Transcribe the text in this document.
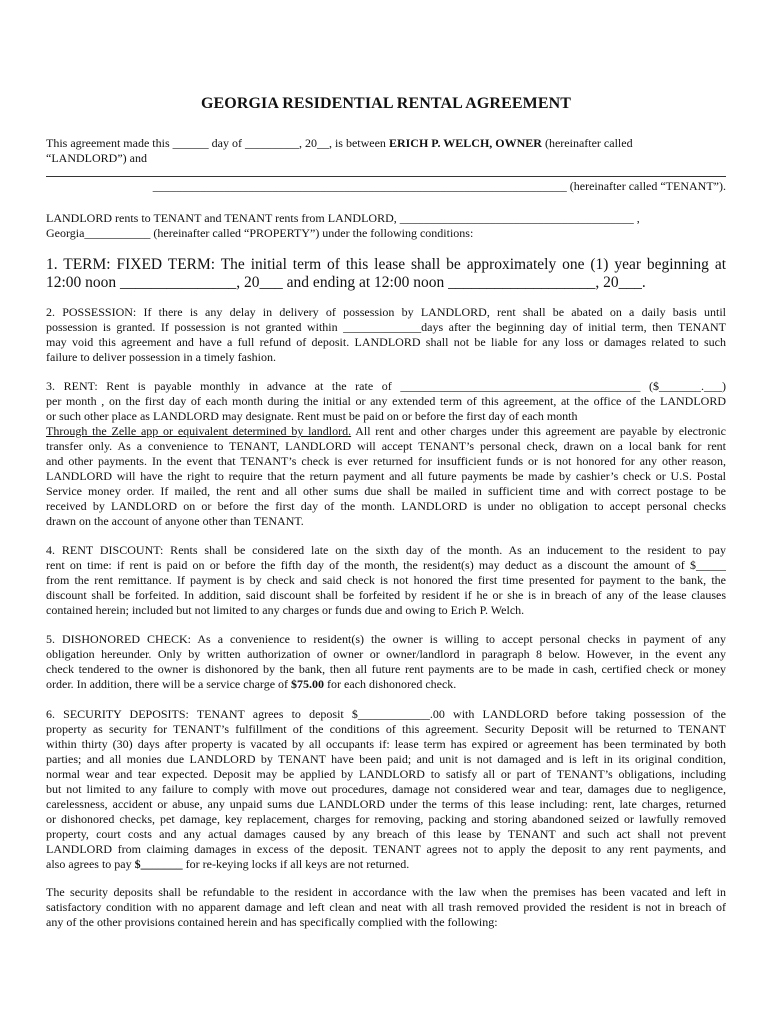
GEORGIA RESIDENTIAL RENTAL AGREEMENT
This agreement made this ______ day of _________, 20__, is between ERICH P. WELCH, OWNER (hereinafter called
“LANDLORD”) and
_____________________________________________________________________ (hereinafter called “TENANT”).
LANDLORD rents to TENANT and TENANT rents from LANDLORD, _______________________________________ ,
Georgia___________ (hereinafter called “PROPERTY”) under the following conditions:
1. TERM: FIXED TERM: The initial term of this lease shall be approximately one (1) year beginning at
12:00 noon _______________, 20___ and ending at 12:00 noon ___________________, 20___.
2. POSSESSION: If there is any delay in delivery of possession by LANDLORD, rent shall be abated on a daily basis until
possession is granted. If possession is not granted within _____________days after the beginning day of initial term, then TENANT
may void this agreement and have a full refund of deposit. LANDLORD shall not be liable for any loss or damages related to such
failure to deliver possession in a timely fashion.
3. RENT: Rent is payable monthly in advance at the rate of ________________________________________ ($_______.___)
per month , on the first day of each month during the initial or any extended term of this agreement, at the office of the LANDLORD
or such other place as LANDLORD may designate. Rent must be paid on or before the first day of each month
Through the Zelle app or equivalent determined by landlord. All rent and other charges under this agreement are payable by electronic
transfer only. As a convenience to TENANT, LANDLORD will accept TENANT’s personal check, drawn on a local bank for rent
and other payments. In the event that TENANT’s check is ever returned for insufficient funds or is not honored for any other reason,
LANDLORD will have the right to require that the return payment and all future payments be made by cashier’s check or U.S. Postal
Service money order. If mailed, the rent and all other sums due shall be mailed in sufficient time and with correct postage to be
received by LANDLORD on or before the first day of the month. LANDLORD is under no obligation to accept personal checks
drawn on the account of anyone other than TENANT.
4. RENT DISCOUNT: Rents shall be considered late on the sixth day of the month. As an inducement to the resident to pay
rent on time: if rent is paid on or before the fifth day of the month, the resident(s) may deduct as a discount the amount of $_____
from the rent remittance. If payment is by check and said check is not honored the first time presented for payment to the bank, the
discount shall be forfeited. In addition, said discount shall be forfeited by resident if he or she is in breach of any of the lease clauses
contained herein; included but not limited to any charges or funds due and owing to Erich P. Welch.
5. DISHONORED CHECK: As a convenience to resident(s) the owner is willing to accept personal checks in payment of any
obligation hereunder. Only by written authorization of owner or owner/landlord in paragraph 8 below. However, in the event any
check tendered to the owner is dishonored by the bank, then all future rent payments are to be made in cash, certified check or money
order. In addition, there will be a service charge of $75.00 for each dishonored check.
6. SECURITY DEPOSITS: TENANT agrees to deposit $____________.00 with LANDLORD before taking possession of the
property as security for TENANT’s fulfillment of the conditions of this agreement. Security Deposit will be returned to TENANT
within thirty (30) days after property is vacated by all occupants if: lease term has expired or agreement has been terminated by both
parties; and all monies due LANDLORD by TENANT have been paid; and unit is not damaged and is left in its original condition,
normal wear and tear expected. Deposit may be applied by LANDLORD to satisfy all or part of TENANT’s obligations, including
but not limited to any failure to comply with move out procedures, damage not considered wear and tear, damages due to negligence,
carelessness, accident or abuse, any unpaid sums due LANDLORD under the terms of this lease including: rent, late charges, returned
or dishonored checks, pet damage, key replacement, charges for removing, packing and storing abandoned seized or lawfully removed
property, court costs and any actual damages caused by any breach of this lease by TENANT and such act shall not prevent
LANDLORD from claiming damages in excess of the deposit. TENANT agrees not to apply the deposit to any rent payments, and
also agrees to pay $_______ for re-keying locks if all keys are not returned.
The security deposits shall be refundable to the resident in accordance with the law when the premises has been vacated and left in
satisfactory condition with no apparent damage and left clean and neat with all trash removed provided the resident is not in breach of
any of the other provisions contained herein and has specifically complied with the following:
